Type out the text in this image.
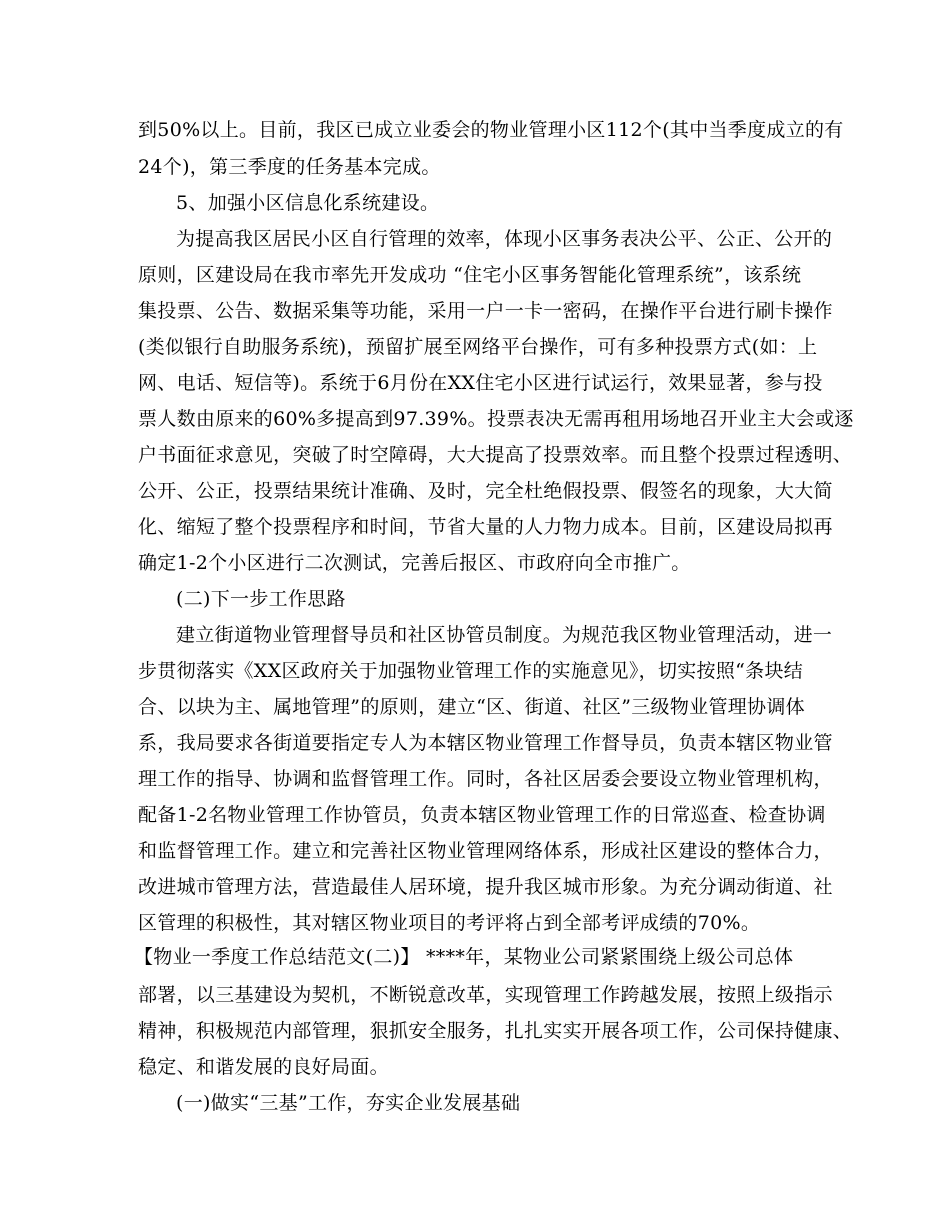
到50%以上。目前，我区已成立业委会的物业管理小区112个(其中当季度成立的有
24个)，第三季度的任务基本完成。
5、加强小区信息化系统建设。
为提高我区居民小区自行管理的效率，体现小区事务表决公平、公正、公开的
原则，区建设局在我市率先开发成功 “住宅小区事务智能化管理系统”，该系统
集投票、公告、数据采集等功能，采用一户一卡一密码，在操作平台进行刷卡操作
(类似银行自助服务系统)，预留扩展至网络平台操作，可有多种投票方式(如：上
网、电话、短信等)。系统于6月份在XX住宅小区进行试运行，效果显著，参与投
票人数由原来的60%多提高到97.39%。投票表决无需再租用场地召开业主大会或逐
户书面征求意见，突破了时空障碍，大大提高了投票效率。而且整个投票过程透明、
公开、公正，投票结果统计准确、及时，完全杜绝假投票、假签名的现象，大大简
化、缩短了整个投票程序和时间，节省大量的人力物力成本。目前，区建设局拟再
确定1-2个小区进行二次测试，完善后报区、市政府向全市推广。
(二)下一步工作思路
建立街道物业管理督导员和社区协管员制度。为规范我区物业管理活动，进一
步贯彻落实《XX区政府关于加强物业管理工作的实施意见》，切实按照“条块结
合、以块为主、属地管理”的原则，建立“区、街道、社区”三级物业管理协调体
系，我局要求各街道要指定专人为本辖区物业管理工作督导员，负责本辖区物业管
理工作的指导、协调和监督管理工作。同时，各社区居委会要设立物业管理机构，
配备1-2名物业管理工作协管员，负责本辖区物业管理工作的日常巡查、检查协调
和监督管理工作。建立和完善社区物业管理网络体系，形成社区建设的整体合力，
改进城市管理方法，营造最佳人居环境，提升我区城市形象。为充分调动街道、社
区管理的积极性，其对辖区物业项目的考评将占到全部考评成绩的70%。
【物业一季度工作总结范文(二)】 ****年，某物业公司紧紧围绕上级公司总体
部署，以三基建设为契机，不断锐意改革，实现管理工作跨越发展，按照上级指示
精神，积极规范内部管理，狠抓安全服务，扎扎实实开展各项工作，公司保持健康、
稳定、和谐发展的良好局面。
(一)做实“三基”工作，夯实企业发展基础
